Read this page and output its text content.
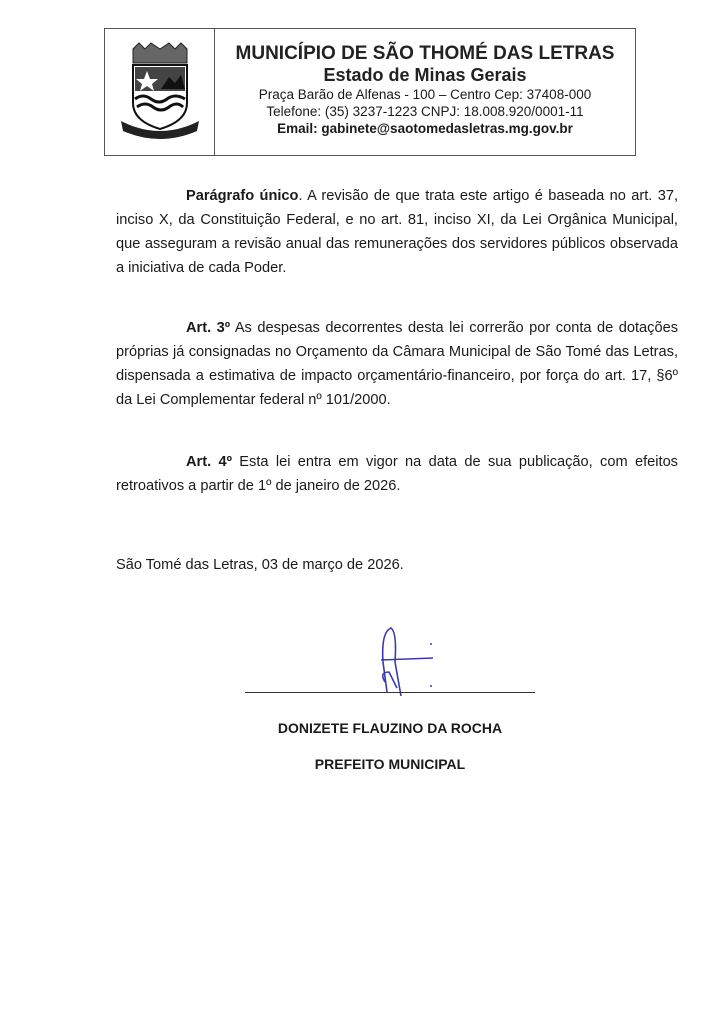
MUNICÍPIO DE SÃO THOMÉ DAS LETRAS
Estado de Minas Gerais
Praça Barão de Alfenas - 100 – Centro Cep: 37408-000
Telefone: (35) 3237-1223 CNPJ: 18.008.920/0001-11
Email: gabinete@saotomedasletras.mg.gov.br
Parágrafo único. A revisão de que trata este artigo é baseada no art. 37, inciso X, da Constituição Federal, e no art. 81, inciso XI, da Lei Orgânica Municipal, que asseguram a revisão anual das remunerações dos servidores públicos observada a iniciativa de cada Poder.
Art. 3º As despesas decorrentes desta lei correrão por conta de dotações próprias já consignadas no Orçamento da Câmara Municipal de São Tomé das Letras, dispensada a estimativa de impacto orçamentário-financeiro, por força do art. 17, §6º da Lei Complementar federal nº 101/2000.
Art. 4º Esta lei entra em vigor na data de sua publicação, com efeitos retroativos a partir de 1º de janeiro de 2026.
São Tomé das Letras, 03 de março de 2026.
DONIZETE FLAUZINO DA ROCHA
PREFEITO MUNICIPAL
